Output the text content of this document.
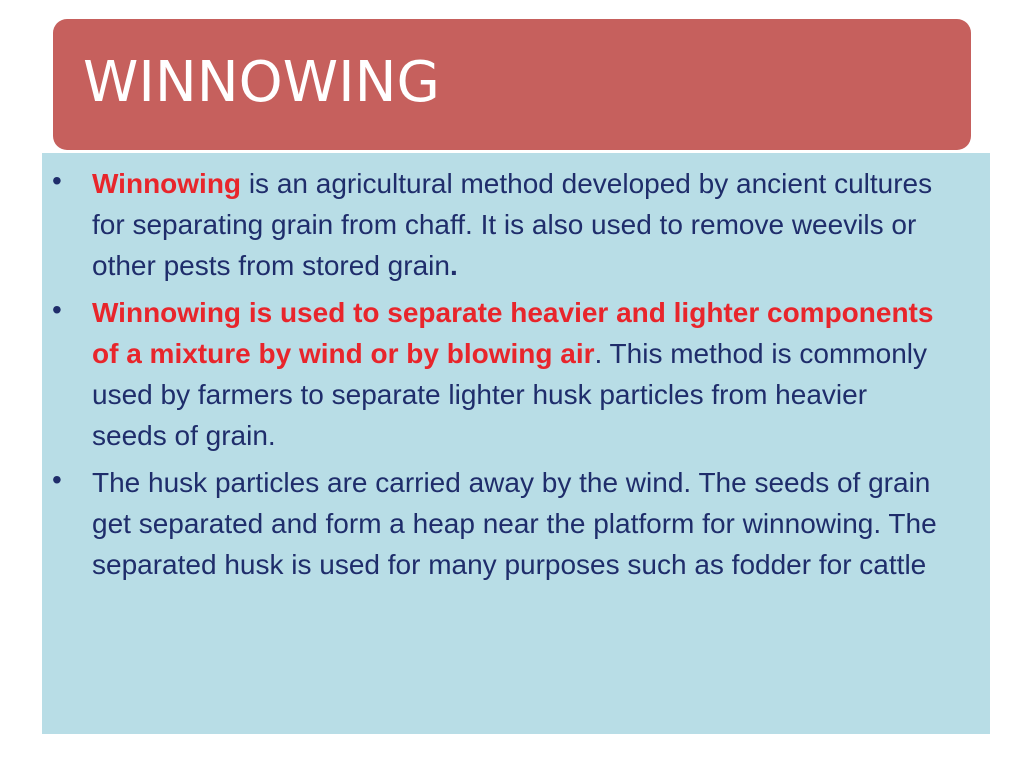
WINNOWING
• Winnowing is an agricultural method developed by ancient cultures for separating grain from chaff. It is also used to remove weevils or other pests from stored grain.
• Winnowing is used to separate heavier and lighter components of a mixture by wind or by blowing air. This method is commonly used by farmers to separate lighter husk particles from heavier seeds of grain.
• The husk particles are carried away by the wind. The seeds of grain get separated and form a heap near the platform for winnowing. The separated husk is used for many purposes such as fodder for cattle
